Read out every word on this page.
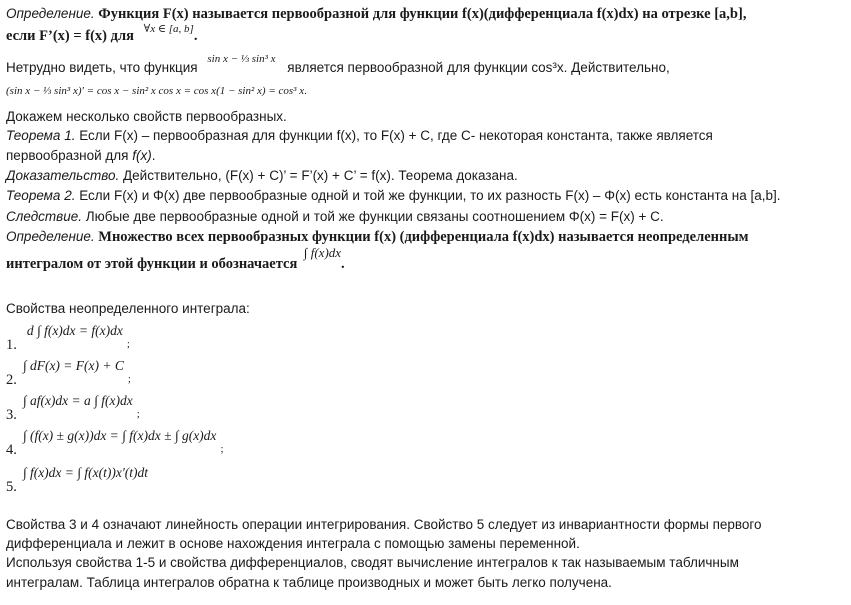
Определение. Функция F(x) называется первообразной для функции f(x)(дифференциала f(x)dx) на отрезке [a,b],
если F’(x) = f(x) для $^{\forall x \in [a, b]}$.
Нетрудно видеть, что функция $^{sin x - \frac{1}{3} sin^3 x}$ является первообразной для функции cos³x. Действительно,
(sin x − ⅓ sin³ x)′ = cos x − sin² x cos x = cos x(1 − sin² x) = cos³ x.
Докажем несколько свойств первообразных.
Теорема 1. Если F(x) – первообразная для функции f(x), то F(x) + C, где C- некоторая константа, также является
первообразной для f(x).
Доказательство. Действительно, (F(x) + C)’ = F’(x) + C’ = f(x). Теорема доказана.
Теорема 2. Если F(x) и Φ(x) две первообразные одной и той же функции, то их разность F(x) – Φ(x) есть константа на [a,b].
Следствие. Любые две первообразные одной и той же функции связаны соотношением Φ(x) = F(x) + C.
Определение. Множество всех первообразных функции f(x) (дифференциала f(x)dx) называется неопределенным
интегралом от этой функции и обозначается ∫ f(x)dx.
Свойства неопределенного интеграла:
1. d ∫ f(x)dx = f(x)dx $_;$
2. ∫ dF(x) = F(x) + C $_;$
3. ∫ af(x)dx = a ∫ f(x)dx $_;$
4. ∫ (f(x) ± g(x))dx = ∫ f(x)dx ± ∫ g(x)dx $_;$
5. ∫ f(x)dx = ∫ f(x(t))x′(t)dt
Свойства 3 и 4 означают линейность операции интегрирования. Свойство 5 следует из инвариантности формы первого
дифференциала и лежит в основе нахождения интеграла с помощью замены переменной.
Используя свойства 1-5 и свойства дифференциалов, сводят вычисление интегралов к так называемым табличным
интегралам. Таблица интегралов обратна к таблице производных и может быть легко получена.
